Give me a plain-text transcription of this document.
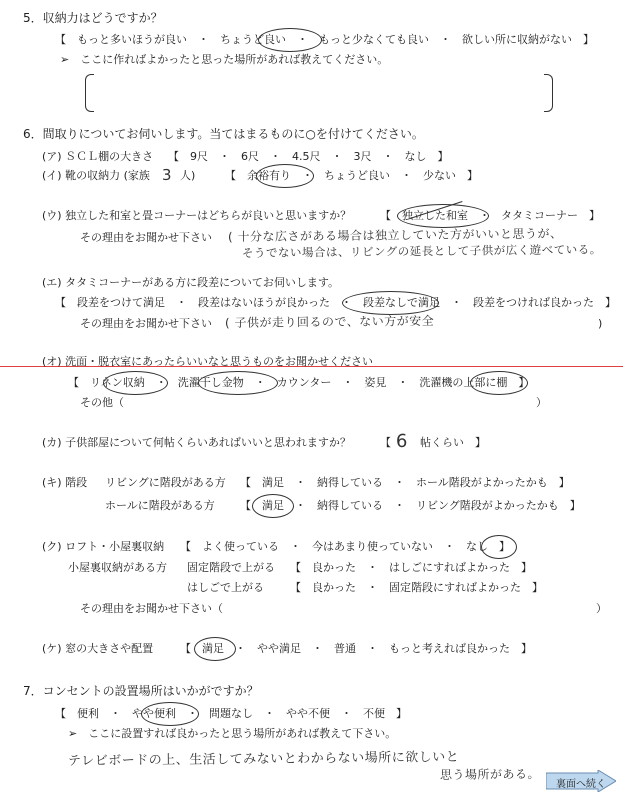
5．収納力はどうですか？
【　もっと多いほうが良い　・　ちょうど良い　・　もっと少なくても良い　・　欲しい所に収納がない　】
➢　ここに作ればよかったと思った場所があれば教えてください。
6．間取りについてお伺いします。当てはまるものに○を付けてください。
(ア) ＳＣＬ棚の大きさ 【　9尺　・　6尺　・　4.5尺　・　3尺　・　なし　】
(イ) 靴の収納力 (家族 3 人)	【　余裕有り　・　ちょうど良い　・　少ない　】
(ウ) 独立した和室と畳コーナーはどちらが良いと思いますか？	【　独立した和室　・　タタミコーナー　】
その理由をお聞かせ下さい ( 十分な広さがある場合は独立していた方がいいと思うが、
そうでない場合は、リビングの延長として子供が広く遊べている。
(エ) タタミコーナーがある方に段差についてお伺いします。
【　段差をつけて満足　・　段差はないほうが良かった　・　段差なしで満足　・　段差をつければ良かった　】
その理由をお聞かせ下さい ( 子供が走り回るので、ない方が安全	)
(オ) 洗面・脱衣室にあったらいいなと思うものをお聞かせください
【　リネン収納　・　洗濯干し金物　・　カウンター　・　姿見　・　洗濯機の上部に棚　】
その他（	）
(カ) 子供部屋について何帖くらいあればいいと思われますか？	【 6 帖くらい　】
(キ) 階段 リビングに階段がある方 【　満足　・　納得している　・　ホール階段がよかったかも　】
ホールに階段がある方 【　満足　・　納得している　・　リビング階段がよかったかも　】
(ク) ロフト・小屋裏収納 【　よく使っている　・　今はあまり使っていない　・　なし　】
小屋裏収納がある方 固定階段で上がる 【　良かった　・　はしごにすればよかった　】
はしごで上がる 【　良かった　・　固定階段にすればよかった　】
その理由をお聞かせ下さい（	）
(ケ) 窓の大きさや配置 【　満足　・　やや満足　・　普通　・　もっと考えれば良かった　】
7．コンセントの設置場所はいかがですか？
【　便利　・　やや便利　・　問題なし　・　やや不便　・　不便　】
➢　ここに設置すれば良かったと思う場所があれば教えて下さい。
テレビボードの上、生活してみないとわからない場所に欲しいと
思う場所がある。
裏面へ続く
